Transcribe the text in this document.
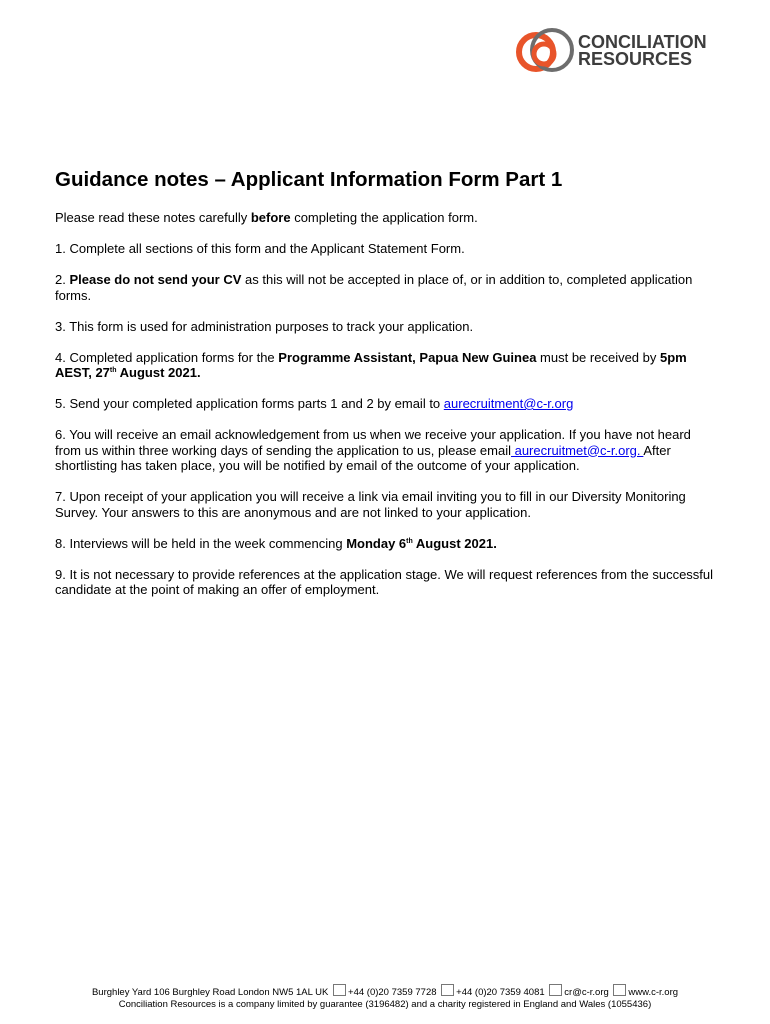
CONCILIATION
RESOURCES
Guidance notes – Applicant Information Form Part 1

Please read these notes carefully before completing the application form.

1. Complete all sections of this form and the Applicant Statement Form.

2. Please do not send your CV as this will not be accepted in place of, or in addition to, completed application forms.

3. This form is used for administration purposes to track your application.

4. Completed application forms for the Programme Assistant, Papua New Guinea must be received by 5pm AEST, 27th August 2021.

5. Send your completed application forms parts 1 and 2 by email to aurecruitment@c-r.org

6. You will receive an email acknowledgement from us when we receive your application. If you have not heard from us within three working days of sending the application to us, please email aurecruitmet@c-r.org. After shortlisting has taken place, you will be notified by email of the outcome of your application.

7. Upon receipt of your application you will receive a link via email inviting you to fill in our Diversity Monitoring Survey. Your answers to this are anonymous and are not linked to your application.

8. Interviews will be held in the week commencing Monday 6th August 2021.

9. It is not necessary to provide references at the application stage. We will request references from the successful candidate at the point of making an offer of employment.

Burghley Yard 106 Burghley Road London NW5 1AL UK +44 (0)20 7359 7728 +44 (0)20 7359 4081 cr@c-r.org www.c-r.org
Conciliation Resources is a company limited by guarantee (3196482) and a charity registered in England and Wales (1055436)
